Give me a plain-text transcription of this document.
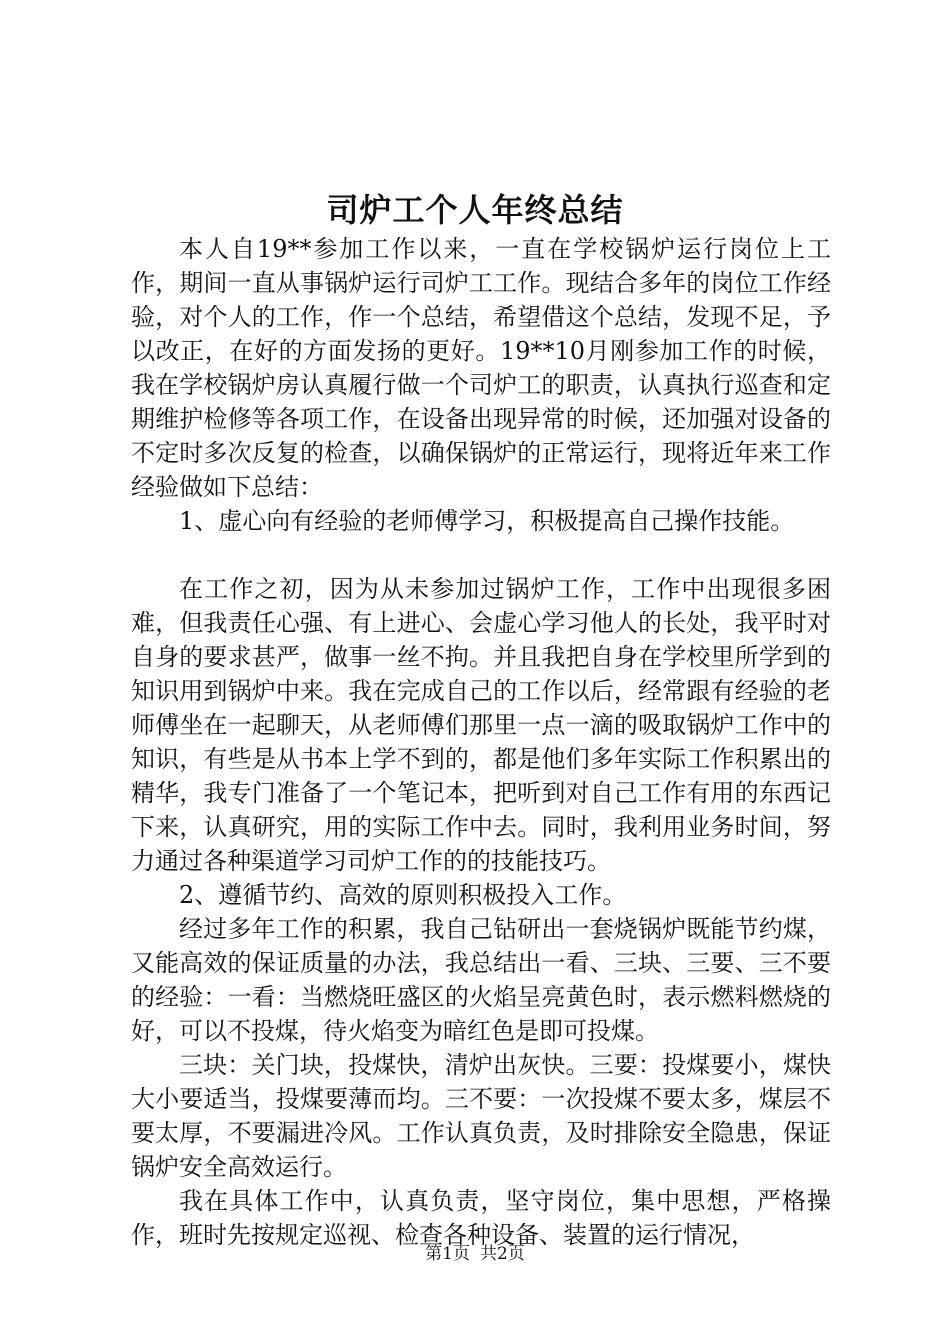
司炉工个人年终总结

本人自19**参加工作以来，一直在学校锅炉运行岗位上工作，期间一直从事锅炉运行司炉工工作。现结合多年的岗位工作经验，对个人的工作，作一个总结，希望借这个总结，发现不足，予以改正，在好的方面发扬的更好。19**10月刚参加工作的时候，我在学校锅炉房认真履行做一个司炉工的职责，认真执行巡查和定期维护检修等各项工作，在设备出现异常的时候，还加强对设备的不定时多次反复的检查，以确保锅炉的正常运行，现将近年来工作经验做如下总结：

1、虚心向有经验的老师傅学习，积极提高自己操作技能。

在工作之初，因为从未参加过锅炉工作，工作中出现很多困难，但我责任心强、有上进心、会虚心学习他人的长处，我平时对自身的要求甚严，做事一丝不拘。并且我把自身在学校里所学到的知识用到锅炉中来。我在完成自己的工作以后，经常跟有经验的老师傅坐在一起聊天，从老师傅们那里一点一滴的吸取锅炉工作中的知识，有些是从书本上学不到的，都是他们多年实际工作积累出的精华，我专门准备了一个笔记本，把听到对自己工作有用的东西记下来，认真研究，用的实际工作中去。同时，我利用业务时间，努力通过各种渠道学习司炉工作的的技能技巧。

2、遵循节约、高效的原则积极投入工作。

经过多年工作的积累，我自己钻研出一套烧锅炉既能节约煤，又能高效的保证质量的办法，我总结出一看、三块、三要、三不要的经验：一看：当燃烧旺盛区的火焰呈亮黄色时，表示燃料燃烧的好，可以不投煤，待火焰变为暗红色是即可投煤。

三块：关门块，投煤快，清炉出灰快。三要：投煤要小，煤快大小要适当，投煤要薄而均。三不要：一次投煤不要太多，煤层不要太厚，不要漏进冷风。工作认真负责，及时排除安全隐患，保证锅炉安全高效运行。

我在具体工作中，认真负责，坚守岗位，集中思想，严格操作，班时先按规定巡视、检查各种设备、装置的运行情况，

第1页 共2页
